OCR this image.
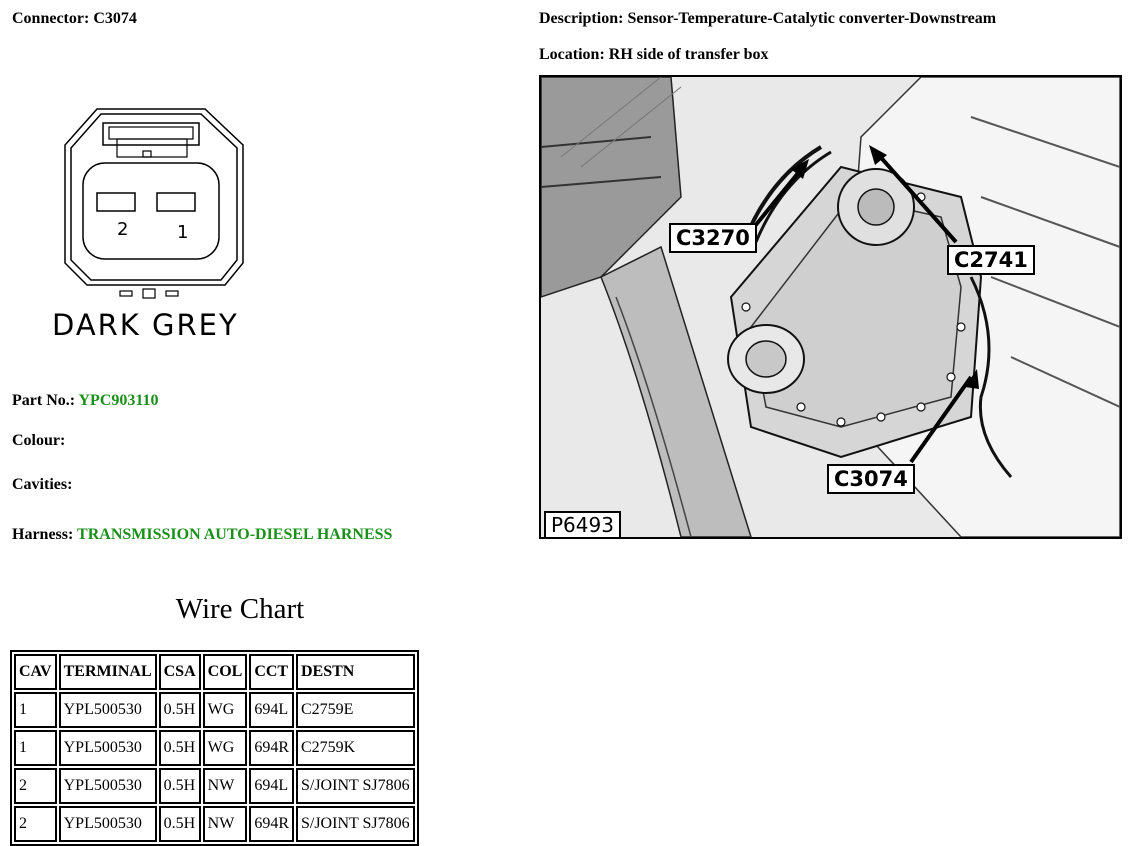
Connector: C3074	Description: Sensor-Temperature-Catalytic converter-Downstream
Location: RH side of transfer box
2	1
DARK GREY
Part No.: YPC903110
Colour:
Cavities:
Harness: TRANSMISSION AUTO-DIESEL HARNESS
Wire Chart
CAV	TERMINAL	CSA	COL	CCT	DESTN
1	YPL500530	0.5H	WG	694L	C2759E
1	YPL500530	0.5H	WG	694R	C2759K
2	YPL500530	0.5H	NW	694L	S/JOINT SJ7806
2	YPL500530	0.5H	NW	694R	S/JOINT SJ7806
C3270
C2741
C3074
P6493
